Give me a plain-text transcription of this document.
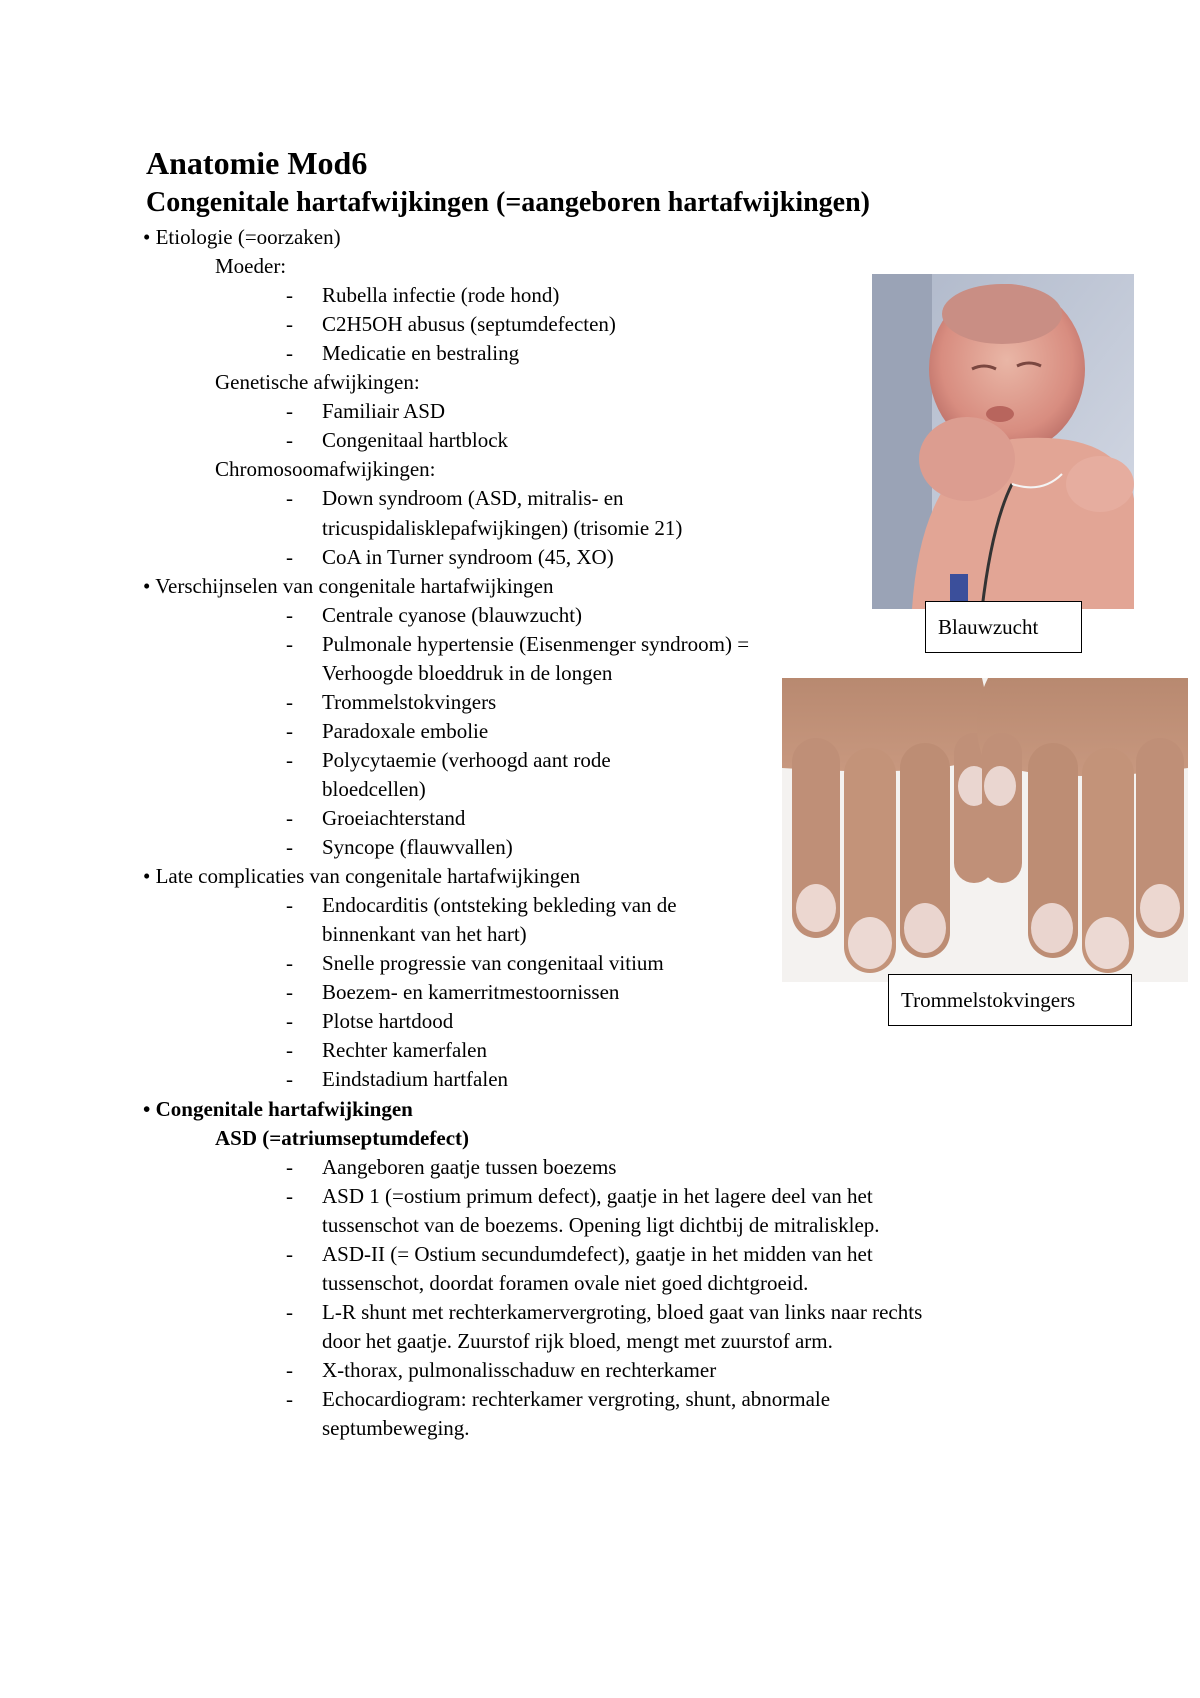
Anatomie Mod6
Congenitale hartafwijkingen (=aangeboren hartafwijkingen)
• Etiologie (=oorzaken)
Moeder:
- Rubella infectie (rode hond)
- C2H5OH abusus (septumdefecten)
- Medicatie en bestraling
Genetische afwijkingen:
- Familiair ASD
- Congenitaal hartblock
Chromosoomafwijkingen:
- Down syndroom (ASD, mitralis- en
tricuspidalisklepafwijkingen) (trisomie 21)
- CoA in Turner syndroom (45, XO)
• Verschijnselen van congenitale hartafwijkingen
- Centrale cyanose (blauwzucht)
- Pulmonale hypertensie (Eisenmenger syndroom) =
Verhoogde bloeddruk in de longen
- Trommelstokvingers
- Paradoxale embolie
- Polycytaemie (verhoogd aant rode
bloedcellen)
- Groeiachterstand
- Syncope (flauwvallen)
• Late complicaties van congenitale hartafwijkingen
- Endocarditis (ontsteking bekleding van de
binnenkant van het hart)
- Snelle progressie van congenitaal vitium
- Boezem- en kamerritmestoornissen
- Plotse hartdood
- Rechter kamerfalen
- Eindstadium hartfalen
• Congenitale hartafwijkingen
ASD (=atriumseptumdefect)
- Aangeboren gaatje tussen boezems
- ASD 1 (=ostium primum defect), gaatje in het lagere deel van het
tussenschot van de boezems. Opening ligt dichtbij de mitralisklep.
- ASD-II (= Ostium secundumdefect), gaatje in het midden van het
tussenschot, doordat foramen ovale niet goed dichtgroeid.
- L-R shunt met rechterkamervergroting, bloed gaat van links naar rechts
door het gaatje. Zuurstof rijk bloed, mengt met zuurstof arm.
- X-thorax, pulmonalisschaduw en rechterkamer
- Echocardiogram: rechterkamer vergroting, shunt, abnormale
septumbeweging.
Blauwzucht
Trommelstokvingers
